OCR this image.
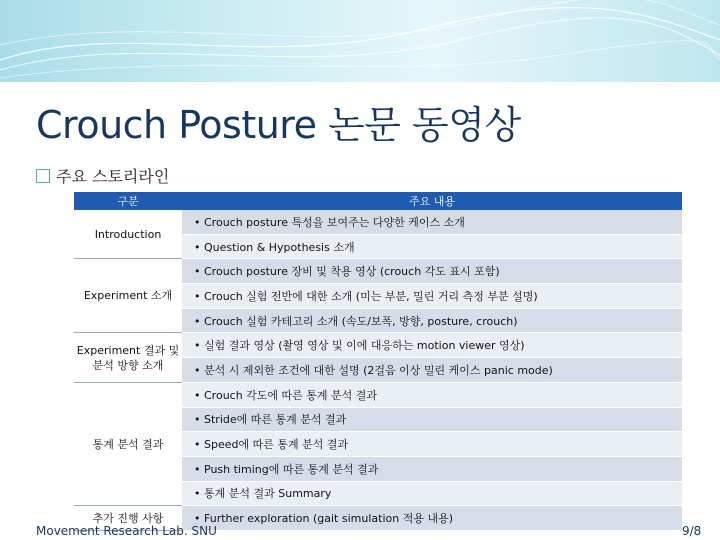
Crouch Posture 논문 동영상
주요 스토리라인
구분	주요 내용
Introduction	• Crouch posture 특성을 보여주는 다양한 케이스 소개
	• Question & Hypothesis 소개
Experiment 소개	• Crouch posture 장비 및 착용 영상 (crouch 각도 표시 포함)
	• Crouch 실험 전반에 대한 소개 (미는 부분, 밀린 거리 측정 부분 설명)
	• Crouch 실험 카테고리 소개 (속도/보폭, 방향, posture, crouch)
Experiment 결과 및 분석 방향 소개	• 실험 결과 영상 (촬영 영상 및 이에 대응하는 motion viewer 영상)
	• 분석 시 제외한 조건에 대한 설명 (2걸음 이상 밀린 케이스 panic mode)
통계 분석 결과	• Crouch 각도에 따른 통계 분석 결과
	• Stride에 따른 통계 분석 결과
	• Speed에 따른 통계 분석 결과
	• Push timing에 따른 통계 분석 결과
	• 통계 분석 결과 Summary
추가 진행 사항	• Further exploration (gait simulation 적용 내용)
Movement Research Lab. SNU	9/8
